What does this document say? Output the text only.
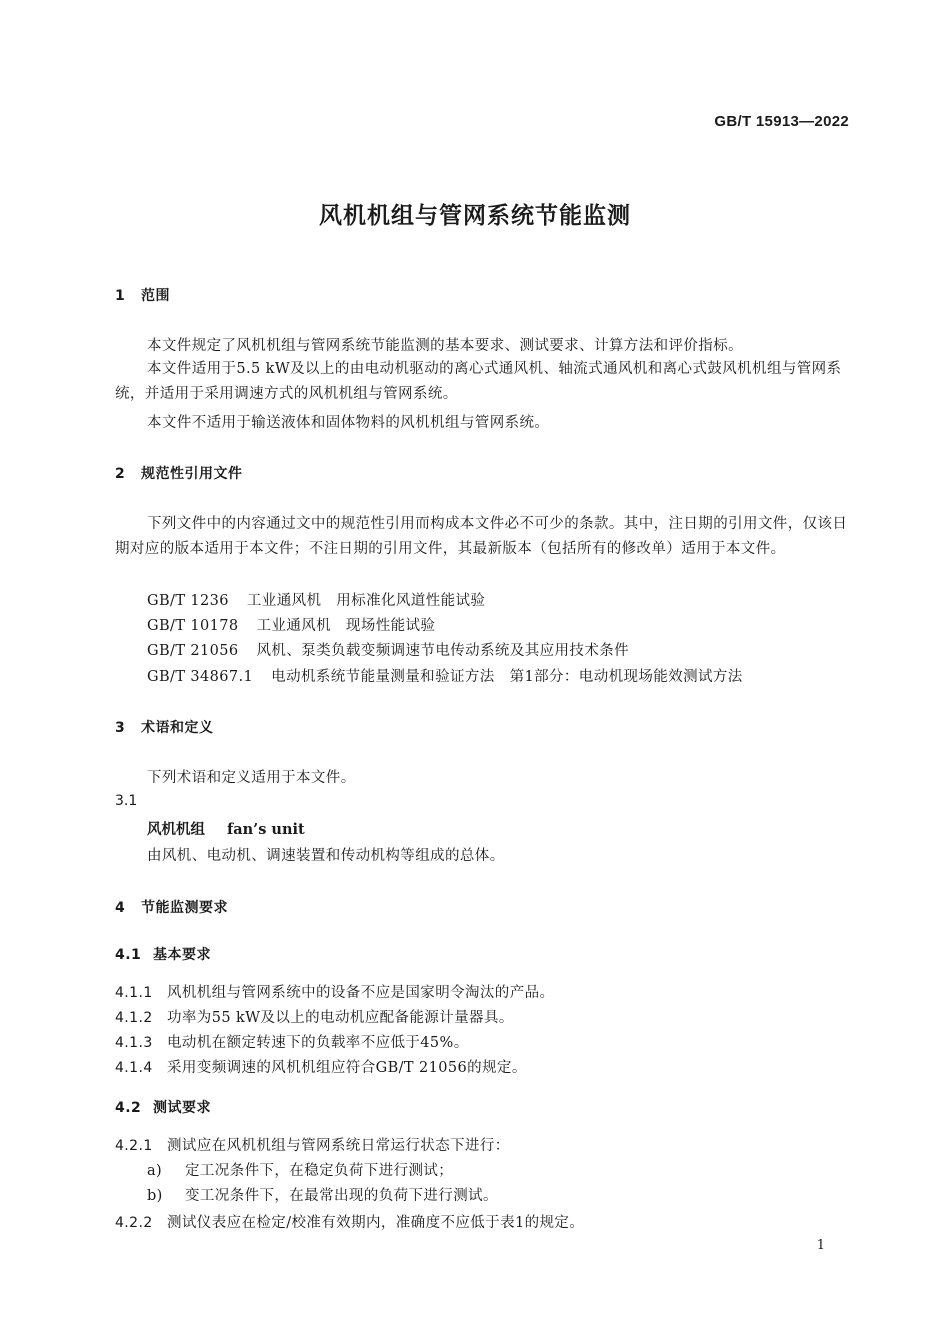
GB/T 15913—2022
风机机组与管网系统节能监测
1 范围
本文件规定了风机机组与管网系统节能监测的基本要求、测试要求、计算方法和评价指标。
本文件适用于5.5 kW及以上的由电动机驱动的离心式通风机、轴流式通风机和离心式鼓风机机组与管网系统，并适用于采用调速方式的风机机组与管网系统。
本文件不适用于输送液体和固体物料的风机机组与管网系统。
2 规范性引用文件
下列文件中的内容通过文中的规范性引用而构成本文件必不可少的条款。其中，注日期的引用文件，仅该日期对应的版本适用于本文件；不注日期的引用文件，其最新版本（包括所有的修改单）适用于本文件。
GB/T 1236 工业通风机　用标准化风道性能试验
GB/T 10178 工业通风机　现场性能试验
GB/T 21056 风机、泵类负载变频调速节电传动系统及其应用技术条件
GB/T 34867.1 电动机系统节能量测量和验证方法　第1部分：电动机现场能效测试方法
3 术语和定义
下列术语和定义适用于本文件。
3.1
风机机组 fan’s unit
由风机、电动机、调速装置和传动机构等组成的总体。
4 节能监测要求
4.1 基本要求
4.1.1 风机机组与管网系统中的设备不应是国家明令淘汰的产品。
4.1.2 功率为55 kW及以上的电动机应配备能源计量器具。
4.1.3 电动机在额定转速下的负载率不应低于45%。
4.1.4 采用变频调速的风机机组应符合GB/T 21056的规定。
4.2 测试要求
4.2.1 测试应在风机机组与管网系统日常运行状态下进行：
a) 定工况条件下，在稳定负荷下进行测试；
b) 变工况条件下，在最常出现的负荷下进行测试。
4.2.2 测试仪表应在检定/校准有效期内，准确度不应低于表1的规定。
1
